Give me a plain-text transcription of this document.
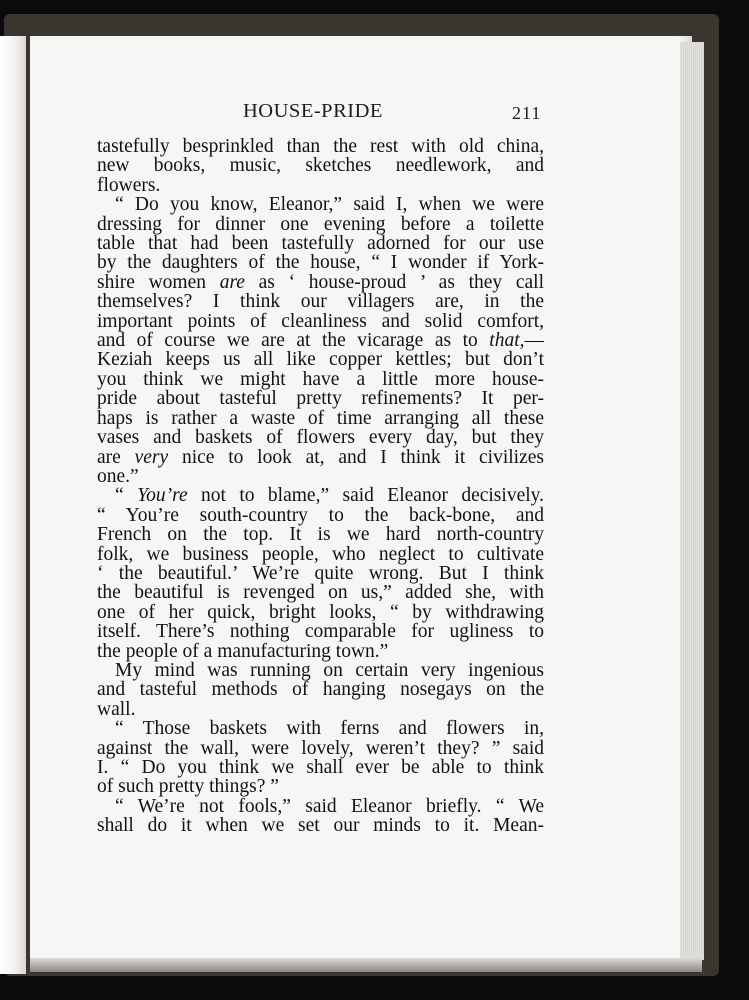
HOUSE-PRIDE	211
tastefully besprinkled than the rest with old china,
new books, music, sketches needlework, and
flowers.
“ Do you know, Eleanor,” said I, when we were
dressing for dinner one evening before a toilette
table that had been tastefully adorned for our use
by the daughters of the house, “ I wonder if York-
shire women are as ‘ house-proud ’ as they call
themselves? I think our villagers are, in the
important points of cleanliness and solid comfort,
and of course we are at the vicarage as to that,—
Keziah keeps us all like copper kettles; but don’t
you think we might have a little more house-
pride about tasteful pretty refinements? It per-
haps is rather a waste of time arranging all these
vases and baskets of flowers every day, but they
are very nice to look at, and I think it civilizes
one.”
“ You’re not to blame,” said Eleanor decisively.
“ You’re south-country to the back-bone, and
French on the top. It is we hard north-country
folk, we business people, who neglect to cultivate
‘ the beautiful.’ We’re quite wrong. But I think
the beautiful is revenged on us,” added she, with
one of her quick, bright looks, “ by withdrawing
itself. There’s nothing comparable for ugliness to
the people of a manufacturing town.”
My mind was running on certain very ingenious
and tasteful methods of hanging nosegays on the
wall.
“ Those baskets with ferns and flowers in,
against the wall, were lovely, weren’t they? ” said
I. “ Do you think we shall ever be able to think
of such pretty things? ”
“ We’re not fools,” said Eleanor briefly. “ We
shall do it when we set our minds to it. Mean-
